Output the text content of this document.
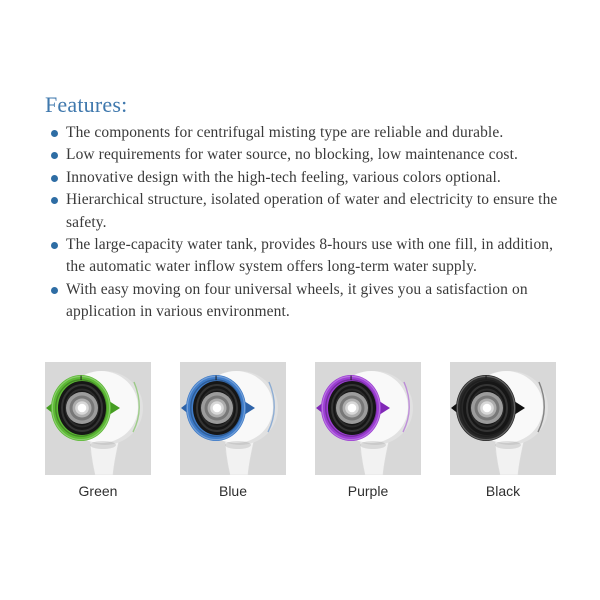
Features:
The components for centrifugal misting type are reliable and durable.
Low requirements for water source, no blocking, low maintenance cost.
Innovative design with the high-tech feeling, various colors optional.
Hierarchical structure, isolated operation of water and electricity to ensure the safety.
The large-capacity water tank, provides 8-hours use with one fill, in addition, the automatic water inflow system offers long-term water supply.
With easy moving on four universal wheels, it gives you a satisfaction on application in various environment.
Green	Blue	Purple	Black
